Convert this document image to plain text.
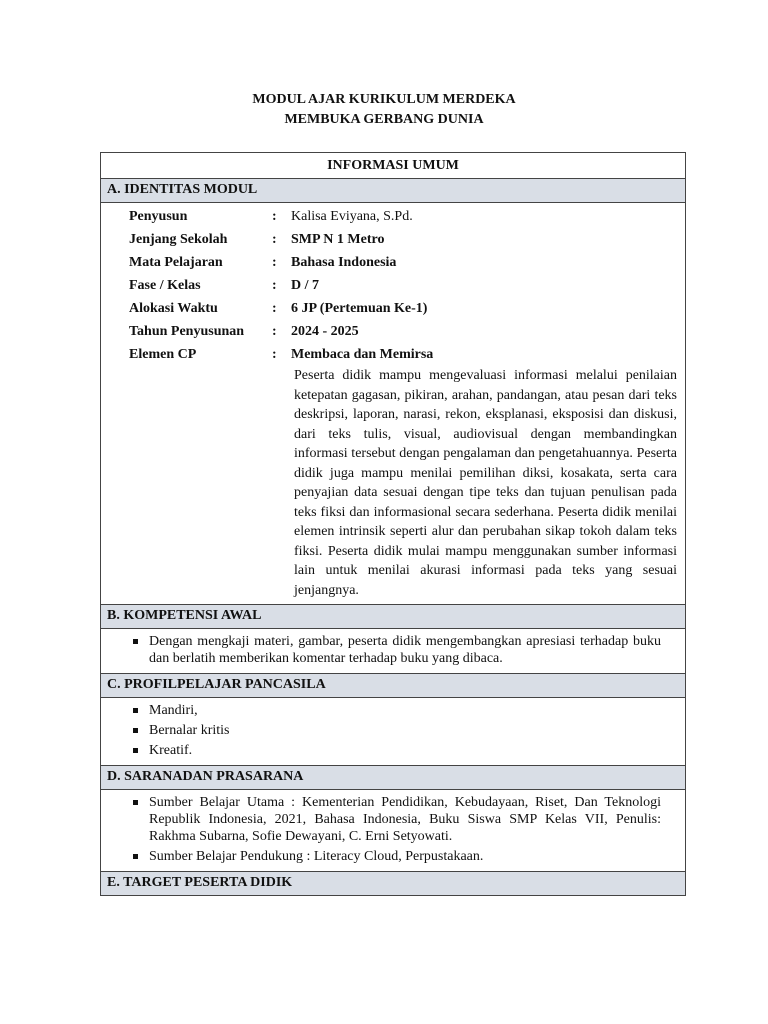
MODUL AJAR KURIKULUM MERDEKA
MEMBUKA GERBANG DUNIA
INFORMASI UMUM
A. IDENTITAS MODUL
Penyusun	:	Kalisa Eviyana, S.Pd.
Jenjang Sekolah	:	SMP N 1 Metro
Mata Pelajaran	:	Bahasa Indonesia
Fase / Kelas	:	D / 7
Alokasi Waktu	:	6 JP (Pertemuan Ke-1)
Tahun Penyusunan	:	2024 - 2025
Elemen CP	:	Membaca dan Memirsa
Peserta didik mampu mengevaluasi informasi melalui penilaian ketepatan gagasan, pikiran, arahan, pandangan, atau pesan dari teks deskripsi, laporan, narasi, rekon, eksplanasi, eksposisi dan diskusi, dari teks tulis, visual, audiovisual dengan membandingkan informasi tersebut dengan pengalaman dan pengetahuannya. Peserta didik juga mampu menilai pemilihan diksi, kosakata, serta cara penyajian data sesuai dengan tipe teks dan tujuan penulisan pada teks fiksi dan informasional secara sederhana. Peserta didik menilai elemen intrinsik seperti alur dan perubahan sikap tokoh dalam teks fiksi. Peserta didik mulai mampu menggunakan sumber informasi lain untuk menilai akurasi informasi pada teks yang sesuai jenjangnya.
B. KOMPETENSI AWAL
Dengan mengkaji materi, gambar, peserta didik mengembangkan apresiasi terhadap buku dan berlatih memberikan komentar terhadap buku yang dibaca.
C. PROFILPELAJAR PANCASILA
Mandiri,
Bernalar kritis
Kreatif.
D. SARANADAN PRASARANA
Sumber Belajar Utama : Kementerian Pendidikan, Kebudayaan, Riset, Dan Teknologi Republik Indonesia, 2021, Bahasa Indonesia, Buku Siswa SMP Kelas VII, Penulis: Rakhma Subarna, Sofie Dewayani, C. Erni Setyowati.
Sumber Belajar Pendukung : Literacy Cloud, Perpustakaan.
E. TARGET PESERTA DIDIK
